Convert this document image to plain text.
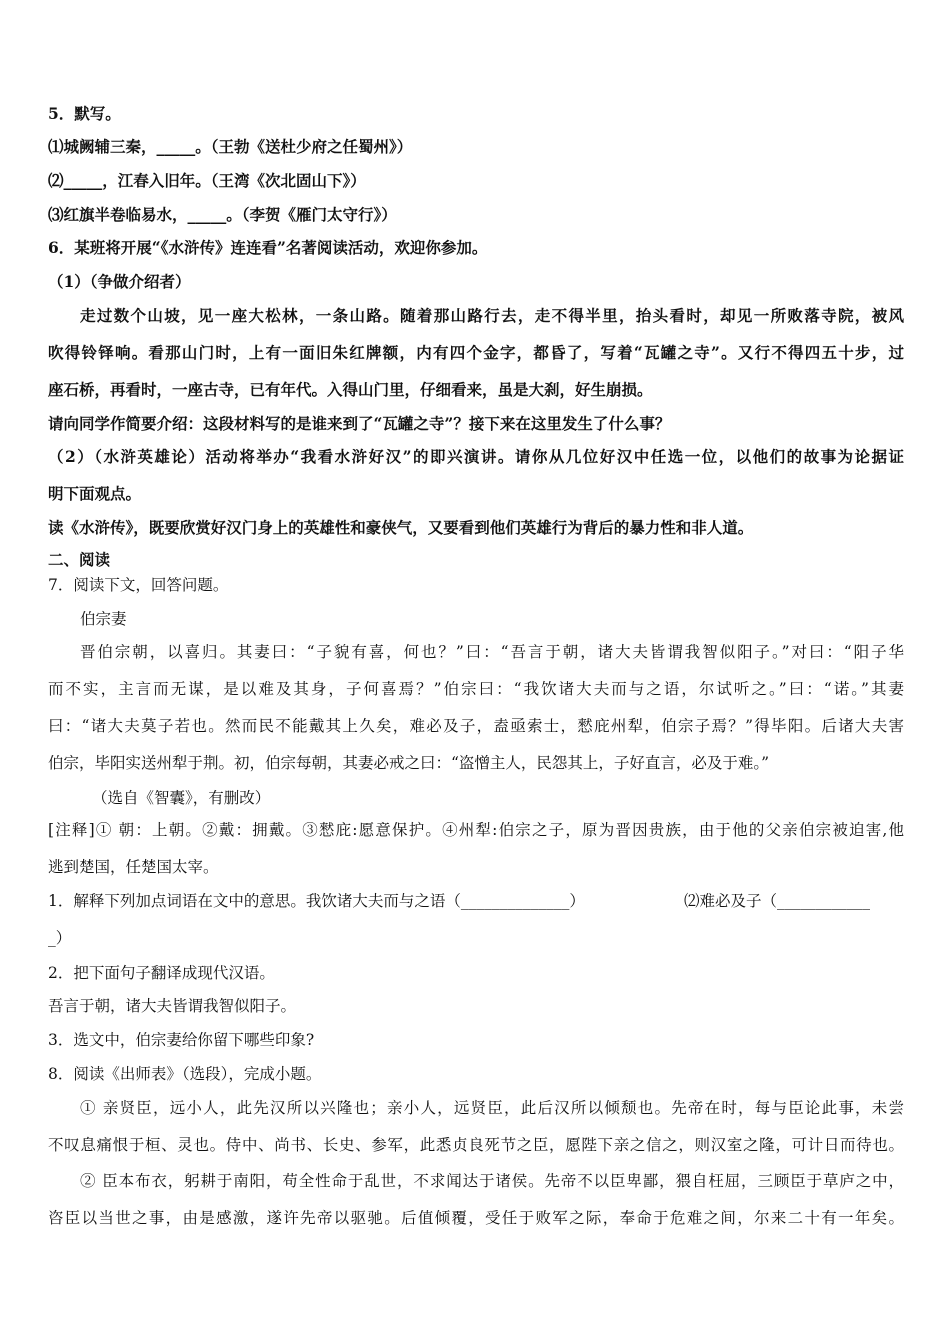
5．默写。
⑴城阙辅三秦，_____。（王勃《送杜少府之任蜀州》）
⑵_____，江春入旧年。（王湾《次北固山下》）
⑶红旗半卷临易水，_____。（李贺《雁门太守行》）
6．某班将开展“《水浒传》连连看”名著阅读活动，欢迎你参加。
（1）（争做介绍者）
走过数个山坡，见一座大松林，一条山路。随着那山路行去，走不得半里，抬头看时，却见一所败落寺院，被风
吹得铃铎响。看那山门时，上有一面旧朱红牌额，内有四个金字，都昏了，写着“瓦罐之寺”。又行不得四五十步，过
座石桥，再看时，一座古寺，已有年代。入得山门里，仔细看来，虽是大刹，好生崩损。
请向同学作简要介绍：这段材料写的是谁来到了“瓦罐之寺”？接下来在这里发生了什么事？
（2）（水浒英雄论）活动将举办“我看水浒好汉”的即兴演讲。请你从几位好汉中任选一位，以他们的故事为论据证
明下面观点。
读《水浒传》，既要欣赏好汉门身上的英雄性和豪侠气，又要看到他们英雄行为背后的暴力性和非人道。
二、阅读
7．阅读下文，回答问题。
伯宗妻
晋伯宗朝，以喜归。其妻曰：“子貌有喜，何也？”曰：“吾言于朝，诸大夫皆谓我智似阳子。”对曰：“阳子华
而不实，主言而无谋，是以难及其身，子何喜焉？”伯宗曰：“我饮诸大夫而与之语，尔试听之。”曰：“诺。”其妻
曰：“诸大夫莫子若也。然而民不能戴其上久矣，难必及子，盍亟索士，憖庇州犁，伯宗子焉？”得毕阳。后诸大夫害
伯宗，毕阳实送州犁于荆。初，伯宗每朝，其妻必戒之曰：“盗憎主人，民怨其上，子好直言，必及于难。”
（选自《智囊》，有删改）
[注释]① 朝：上朝。②戴：拥戴。③憖庇:愿意保护。④州犁:伯宗之子，原为晋因贵族，由于他的父亲伯宗被迫害,他
逃到楚国，任楚国太宰。
1．解释下列加点词语在文中的意思。我饮诸大夫而与之语（______________）	⑵难必及子（____________
_）
2．把下面句子翻译成现代汉语。
吾言于朝，诸大夫皆谓我智似阳子。
3．选文中，伯宗妻给你留下哪些印象?
8．阅读《出师表》（选段），完成小题。
① 亲贤臣，远小人，此先汉所以兴隆也；亲小人，远贤臣，此后汉所以倾颓也。先帝在时，每与臣论此事，未尝
不叹息痛恨于桓、灵也。侍中、尚书、长史、参军，此悉贞良死节之臣，愿陛下亲之信之，则汉室之隆，可计日而待也。
② 臣本布衣，躬耕于南阳，苟全性命于乱世，不求闻达于诸侯。先帝不以臣卑鄙，猥自枉屈，三顾臣于草庐之中，
咨臣以当世之事，由是感激，遂许先帝以驱驰。后值倾覆，受任于败军之际，奉命于危难之间，尔来二十有一年矣。
